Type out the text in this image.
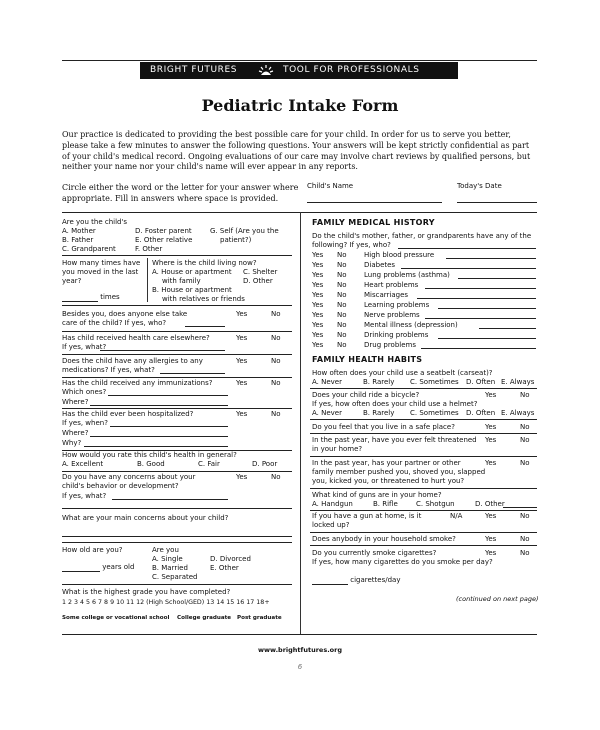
BRIGHT FUTURES	TOOL FOR PROFESSIONALS
Pediatric Intake Form
Our practice is dedicated to providing the best possible care for your child. In order for us to serve you better, please take a few minutes to answer the following questions. Your answers will be kept strictly confidential as part of your child's medical record. Ongoing evaluations of our care may involve chart reviews by qualified persons, but neither your name nor your child's name will ever appear in any reports.
Circle either the word or the letter for your answer where appropriate. Fill in answers where space is provided.
Child's Name	Today's Date
Are you the child's
A. Mother
B. Father
C. Grandparent
D. Foster parent
E. Other relative
F. Other
G. Self (Are you the
patient?)
How many times have
you moved in the last
year?
times
Where is the child living now?
A. House or apartment
with family
B. House or apartment
with relatives or friends
C. Shelter
D. Other
Besides you, does anyone else take
care of the child? If yes, who?
Yes	No
Has child received health care elsewhere?
If yes, what?
Yes	No
Does the child have any allergies to any
medications? If yes, what?
Yes	No
Has the child received any immunizations?
Which ones?
Where?
Yes	No
Has the child ever been hospitalized?
If yes, when?
Where?
Why?
Yes	No
How would you rate this child's health in general?
A. Excellent	B. Good	C. Fair	D. Poor
Do you have any concerns about your
child's behavior or development?
If yes, what?
Yes	No
What are your main concerns about your child?
How old are you?
years old
Are you
A. Single
B. Married
C. Separated
D. Divorced
E. Other
What is the highest grade you have completed?
1 2 3 4 5 6 7 8 9 10 11 12 (High School/GED) 13 14 15 16 17 18+
Some college or vocational school College graduate Post graduate
FAMILY MEDICAL HISTORY
Do the child's mother, father, or grandparents have any of the
following? If yes, who?
Yes No High blood pressure
Yes No Diabetes
Yes No Lung problems (asthma)
Yes No Heart problems
Yes No Miscarriages
Yes No Learning problems
Yes No Nerve problems
Yes No Mental illness (depression)
Yes No Drinking problems
Yes No Drug problems
FAMILY HEALTH HABITS
How often does your child use a seatbelt (carseat)?
A. Never	B. Rarely C. Sometimes D. Often E. Always
Does your child ride a bicycle?
If yes, how often does your child use a helmet?
Yes	No
A. Never	B. Rarely C. Sometimes D. Often E. Always
Do you feel that you live in a safe place?	Yes	No
In the past year, have you ever felt threatened
in your home?
Yes	No
In the past year, has your partner or other
family member pushed you, shoved you, slapped
you, kicked you, or threatened to hurt you?
Yes	No
What kind of guns are in your home?
A. Handgun	B. Rifle	C. Shotgun	D. Other
If you have a gun at home, is it
locked up?
N/A	Yes	No
Does anybody in your household smoke?	Yes	No
Do you currently smoke cigarettes?
If yes, how many cigarettes do you smoke per day?
Yes	No
cigarettes/day
(continued on next page)
www.brightfutures.org
6
